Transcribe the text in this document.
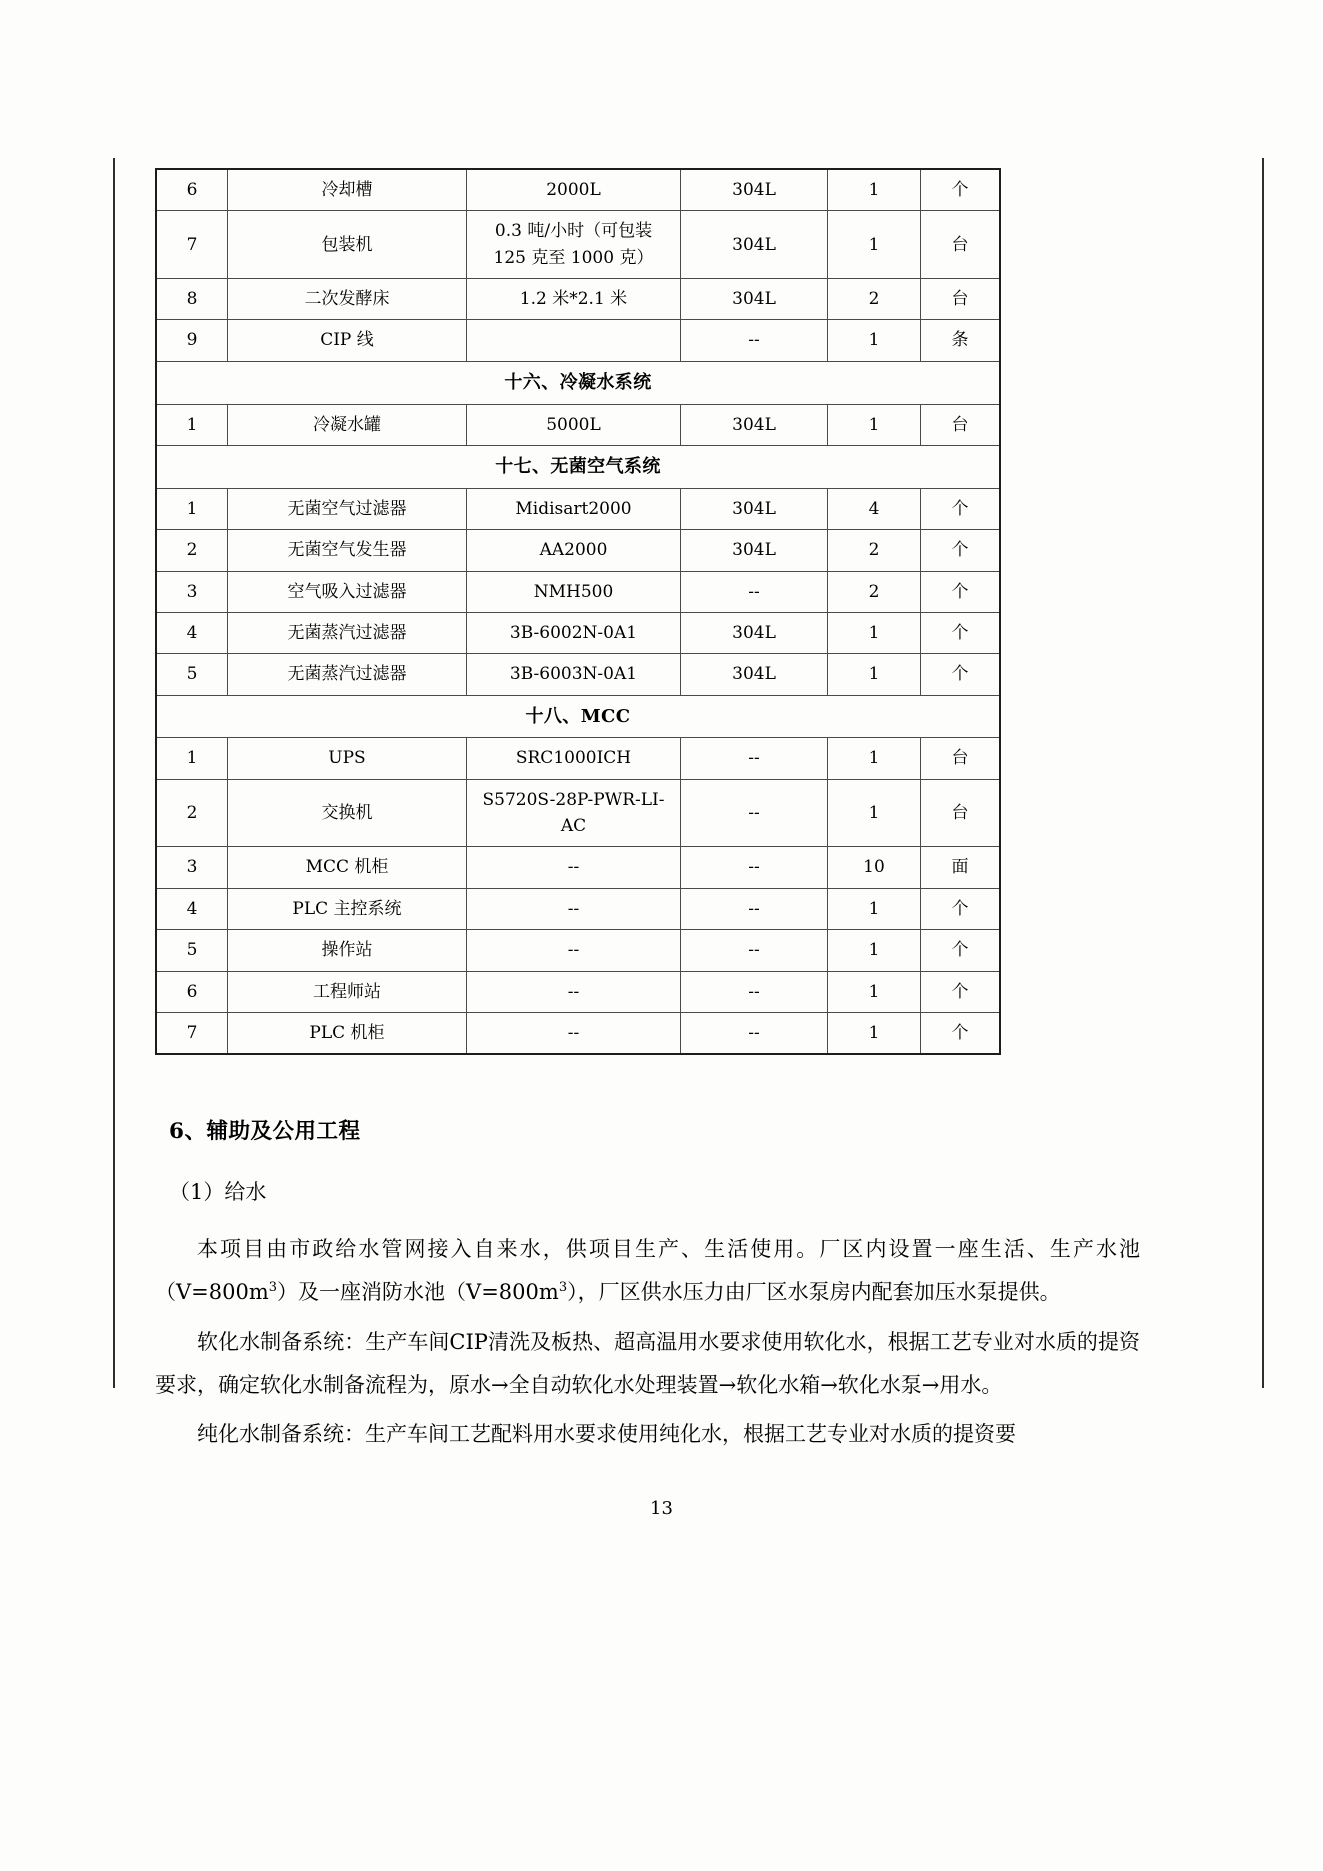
6	冷却槽	2000L	304L	1	个
7	包装机	0.3 吨/小时（可包装
125 克至 1000 克）	304L	1	台
8	二次发酵床	1.2 米*2.1 米	304L	2	台
9	CIP 线		--	1	条
十六、冷凝水系统					
1	冷凝水罐	5000L	304L	1	台
十七、无菌空气系统					
1	无菌空气过滤器	Midisart2000	304L	4	个
2	无菌空气发生器	AA2000	304L	2	个
3	空气吸入过滤器	NMH500	--	2	个
4	无菌蒸汽过滤器	3B-6002N-0A1	304L	1	个
5	无菌蒸汽过滤器	3B-6003N-0A1	304L	1	个
十八、MCC					
1	UPS	SRC1000ICH	--	1	台
2	交换机	S5720S-28P-PWR-LI-
AC	--	1	台
3	MCC 机柜	--	--	10	面
4	PLC 主控系统	--	--	1	个
5	操作站	--	--	1	个
6	工程师站	--	--	1	个
7	PLC 机柜	--	--	1	个
6、辅助及公用工程

（1）给水

本项目由市政给水管网接入自来水，供项目生产、生活使用。厂区内设置一座生活、生产水池$(V=800m^3)$及一座消防水池$(V=800m^3)$，厂区供水压力由厂区水泵房内配套加压水泵提供。

软化水制备系统：生产车间CIP清洗及板热、超高温用水要求使用软化水，根据工艺专业对水质的提资要求，确定软化水制备流程为，原水→全自动软化水处理装置→软化水箱→软化水泵→用水。

纯化水制备系统：生产车间工艺配料用水要求使用纯化水，根据工艺专业对水质的提资要

13
